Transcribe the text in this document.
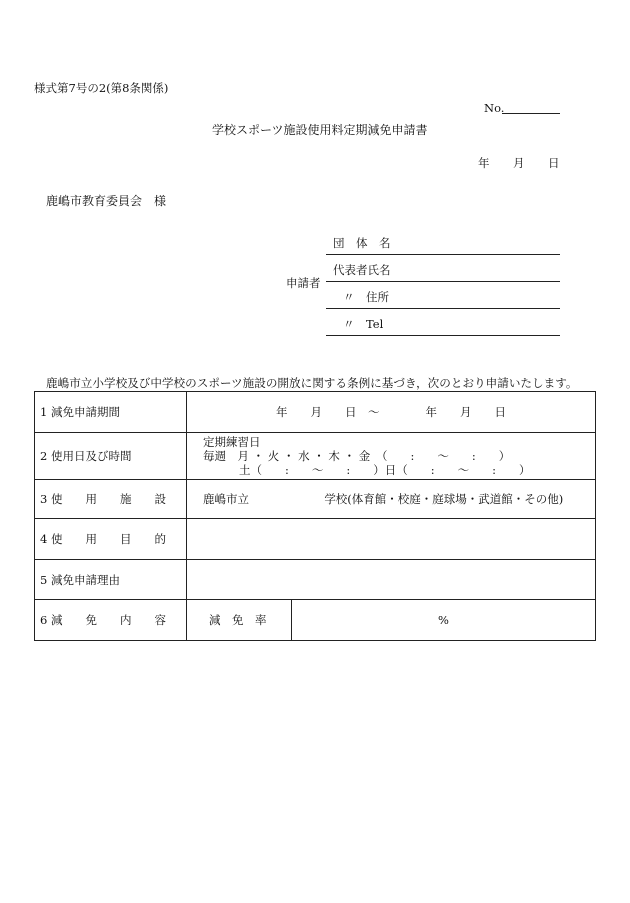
様式第7号の2(第8条関係)
No.
学校スポーツ施設使用料定期減免申請書
年 月 日
鹿嶋市教育委員会　様
申請者
団　体　名
代表者氏名
〃　住所
〃　Tel
鹿嶋市立小学校及び中学校のスポーツ施設の開放に関する条例に基づき，次のとおり申請いたします。
1 減免申請期間	年　　月　　日　〜　　　　年　　月　　日	
2 使用日及び時間	定期練習日
毎週　月 ・ 火 ・ 水 ・ 木 ・ 金　（　　:　　〜　　:　　）
土（　　:　　〜　　:　　）日（　　:　　〜　　:　　）	

3 使　　用　　施　　設	鹿嶋市立 学校(体育館・校庭・庭球場・武道館・その他)	
4 使　　用　　目　　的		
5 減免申請理由		
6 減　　免　　内　　容	減　免　率	%
